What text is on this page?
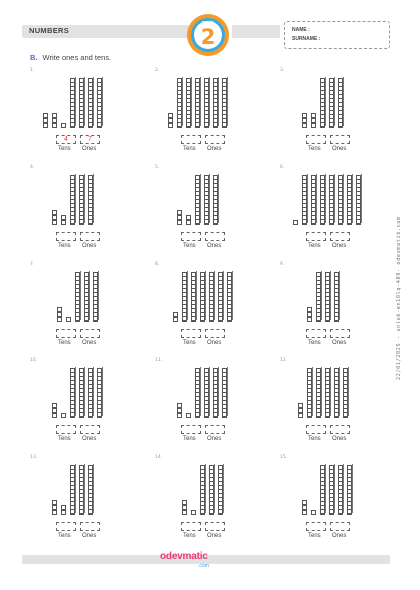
NUMBERS
Grade
2	NAME :
SURNAME :
B. Write ones and tens.
1.
4	7
Tens Ones
2.
Tens Ones
3.
Tens Ones
4.
Tens Ones
5.
Tens Ones
6.
Tens Ones
7.
Tens Ones
8.
Tens Ones
9.
Tens Ones
10.
Tens Ones
11.
Tens Ones
12.
Tens Ones
13.
Tens Ones
14.
Tens Ones
15.
Tens Ones
22/01/2025 - unlok-en10lq-489- odevmatik.com
odevmatic
.com
